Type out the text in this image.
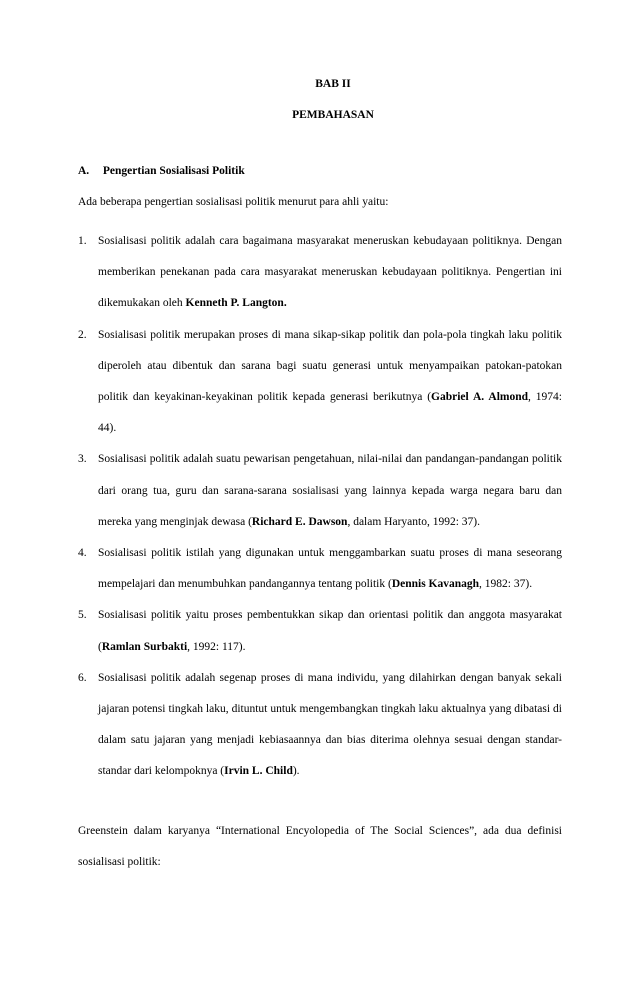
BAB II
PEMBAHASAN
A. Pengertian Sosialisasi Politik
Ada beberapa pengertian sosialisasi politik menurut para ahli yaitu:

1. Sosialisasi politik adalah cara bagaimana masyarakat meneruskan kebudayaan politiknya. Dengan memberikan penekanan pada cara masyarakat meneruskan kebudayaan politiknya. Pengertian ini dikemukakan oleh Kenneth P. Langton.

2. Sosialisasi politik merupakan proses di mana sikap-sikap politik dan pola-pola tingkah laku politik diperoleh atau dibentuk dan sarana bagi suatu generasi untuk menyampaikan patokan-patokan politik dan keyakinan-keyakinan politik kepada generasi berikutnya (Gabriel A. Almond, 1974: 44).

3. Sosialisasi politik adalah suatu pewarisan pengetahuan, nilai-nilai dan pandangan-pandangan politik dari orang tua, guru dan sarana-sarana sosialisasi yang lainnya kepada warga negara baru dan mereka yang menginjak dewasa (Richard E. Dawson, dalam Haryanto, 1992: 37).

4. Sosialisasi politik istilah yang digunakan untuk menggambarkan suatu proses di mana seseorang mempelajari dan menumbuhkan pandangannya tentang politik (Dennis Kavanagh, 1982: 37).

5. Sosialisasi politik yaitu proses pembentukkan sikap dan orientasi politik dan anggota masyarakat (Ramlan Surbakti, 1992: 117).

6. Sosialisasi politik adalah segenap proses di mana individu, yang dilahirkan dengan banyak sekali jajaran potensi tingkah laku, dituntut untuk mengembangkan tingkah laku aktualnya yang dibatasi di dalam satu jajaran yang menjadi kebiasaannya dan bias diterima olehnya sesuai dengan standar-standar dari kelompoknya (Irvin L. Child).

Greenstein dalam karyanya “International Encyolopedia of The Social Sciences”, ada dua definisi sosialisasi politik:
